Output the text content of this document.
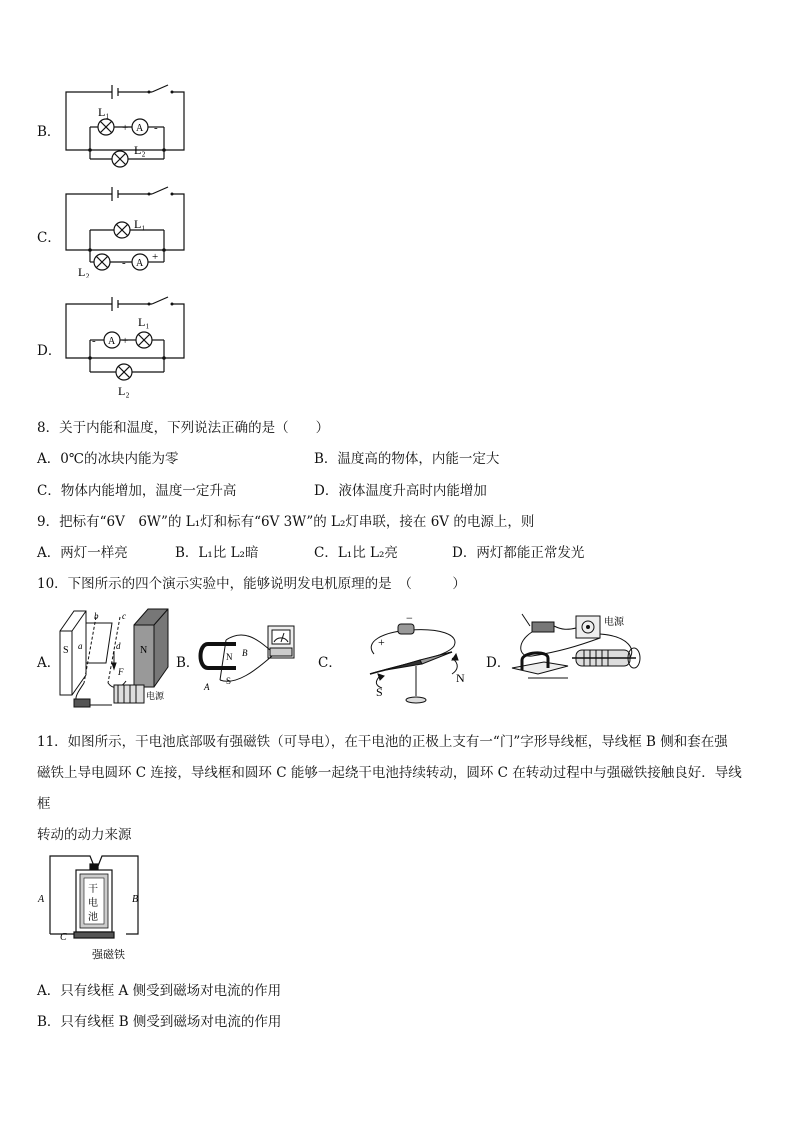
B．
L₁
A
+ -
L₂
C．
L₁
L₂
A
- +
D．
L₁
L₂
A
- +
8．关于内能和温度，下列说法正确的是（　　）
A．0℃的冰块内能为零	B．温度高的物体，内能一定大
C．物体内能增加，温度一定升高	D．液体温度升高时内能增加
9．把标有“6V　6W”的 L₁灯和标有“6V 3W”的 L₂灯串联，接在 6V 的电源上，则
A．两灯一样亮	B．L₁比 L₂暗	C．L₁比 L₂亮	D．两灯都能正常发光
10．下图所示的四个演示实验中，能够说明发电机原理的是　（　　　）
A．
S	N
a
b	c
d
F
电源
B．	N
S
A
B
C．
+
−
S
N
D．
电源
11．如图所示，干电池底部吸有强磁铁（可导电），在干电池的正极上支有一“门”字形导线框，导线框 B 侧和套在强
磁铁上导电圆环 C 连接，导线框和圆环 C 能够一起绕干电池持续转动，圆环 C 在转动过程中与强磁铁接触良好．导线
框
转动的动力来源
干
电
池
A	B
C
强磁铁
A．只有线框 A 侧受到磁场对电流的作用
B．只有线框 B 侧受到磁场对电流的作用
